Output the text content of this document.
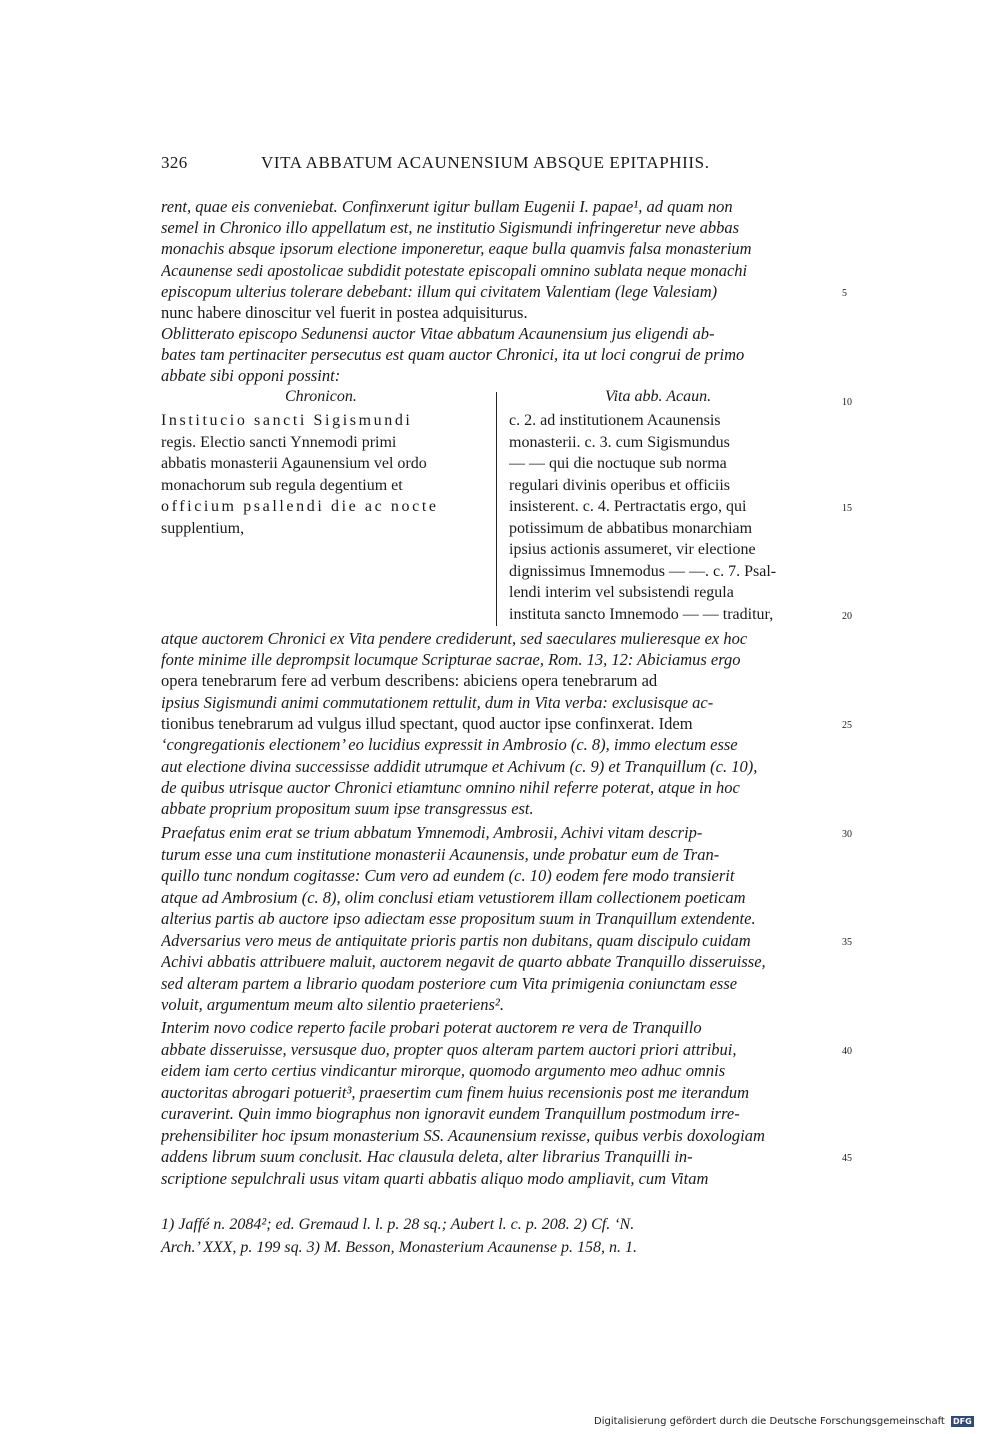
326	VITA ABBATUM ACAUNENSIUM ABSQUE EPITAPHIIS.
rent, quae eis conveniebat. Confinxerunt igitur bullam Eugenii I. papae¹, ad quam non
semel in Chronico illo appellatum est, ne institutio Sigismundi infringeretur neve abbas
monachis absque ipsorum electione imponeretur, eaque bulla quamvis falsa monasterium
Acaunense sedi apostolicae subdidit potestate episcopali omnino sublata neque monachi
episcopum ulterius tolerare debebant: illum qui civitatem Valentiam (lege Valesiam)
nunc habere dinoscitur vel fuerit in postea adquisiturus.
Oblitterato episcopo Sedunensi auctor Vitae abbatum Acaunensium jus eligendi ab-
bates tam pertinaciter persecutus est quam auctor Chronici, ita ut loci congrui de primo
abbate sibi opponi possint:
Chronicon.	Vita abb. Acaun.
Institucio sancti Sigismundi
regis. Electio sancti Ynnemodi primi
abbatis monasterii Agaunensium vel ordo
monachorum sub regula degentium et
officium psallendi die ac nocte
supplentium,
c. 2. ad institutionem Acaunensis
monasterii. c. 3. cum Sigismundus
— — qui die noctuque sub norma
regulari divinis operibus et officiis
insisterent. c. 4. Pertractatis ergo, qui
potissimum de abbatibus monarchiam
ipsius actionis assumeret, vir electione
dignissimus Imnemodus — —. c. 7. Psal-
lendi interim vel subsistendi regula
instituta sancto Imnemodo — — traditur,
atque auctorem Chronici ex Vita pendere crediderunt, sed saeculares mulieresque ex hoc
fonte minime ille deprompsit locumque Scripturae sacrae, Rom. 13, 12: Abiciamus ergo
opera tenebrarum fere ad verbum describens: abiciens opera tenebrarum ad
ipsius Sigismundi animi commutationem rettulit, dum in Vita verba: exclusisque ac-
tionibus tenebrarum ad vulgus illud spectant, quod auctor ipse confinxerat. Idem
‘congregationis electionem’ eo lucidius expressit in Ambrosio (c. 8), immo electum esse
aut electione divina successisse addidit utrumque et Achivum (c. 9) et Tranquillum (c. 10),
de quibus utrisque auctor Chronici etiamtunc omnino nihil referre poterat, atque in hoc
abbate proprium propositum suum ipse transgressus est.
Praefatus enim erat se trium abbatum Ymnemodi, Ambrosii, Achivi vitam descrip-
turum esse una cum institutione monasterii Acaunensis, unde probatur eum de Tran-
quillo tunc nondum cogitasse: Cum vero ad eundem (c. 10) eodem fere modo transierit
atque ad Ambrosium (c. 8), olim conclusi etiam vetustiorem illam collectionem poeticam
alterius partis ab auctore ipso adiectam esse propositum suum in Tranquillum extendente.
Adversarius vero meus de antiquitate prioris partis non dubitans, quam discipulo cuidam
Achivi abbatis attribuere maluit, auctorem negavit de quarto abbate Tranquillo disseruisse,
sed alteram partem a librario quodam posteriore cum Vita primigenia coniunctam esse
voluit, argumentum meum alto silentio praeteriens².
Interim novo codice reperto facile probari poterat auctorem re vera de Tranquillo
abbate disseruisse, versusque duo, propter quos alteram partem auctori priori attribui,
eidem iam certo certius vindicantur mirorque, quomodo argumento meo adhuc omnis
auctoritas abrogari potuerit³, praesertim cum finem huius recensionis post me iterandum
curaverint. Quin immo biographus non ignoravit eundem Tranquillum postmodum irre-
prehensibiliter hoc ipsum monasterium SS. Acaunensium rexisse, quibus verbis doxologiam
addens librum suum conclusit. Hac clausula deleta, alter librarius Tranquilli in-
scriptione sepulchrali usus vitam quarti abbatis aliquo modo ampliavit, cum Vitam
5
10
15
20
25
30
35
40
45
1) Jaffé n. 2084²; ed. Gremaud l. l. p. 28 sq.; Aubert l. c. p. 208. 2) Cf. ‘N.
Arch.’ XXX, p. 199 sq. 3) M. Besson, Monasterium Acaunense p. 158, n. 1.
Digitalisierung gefördert durch die Deutsche Forschungsgemeinschaft DFG
